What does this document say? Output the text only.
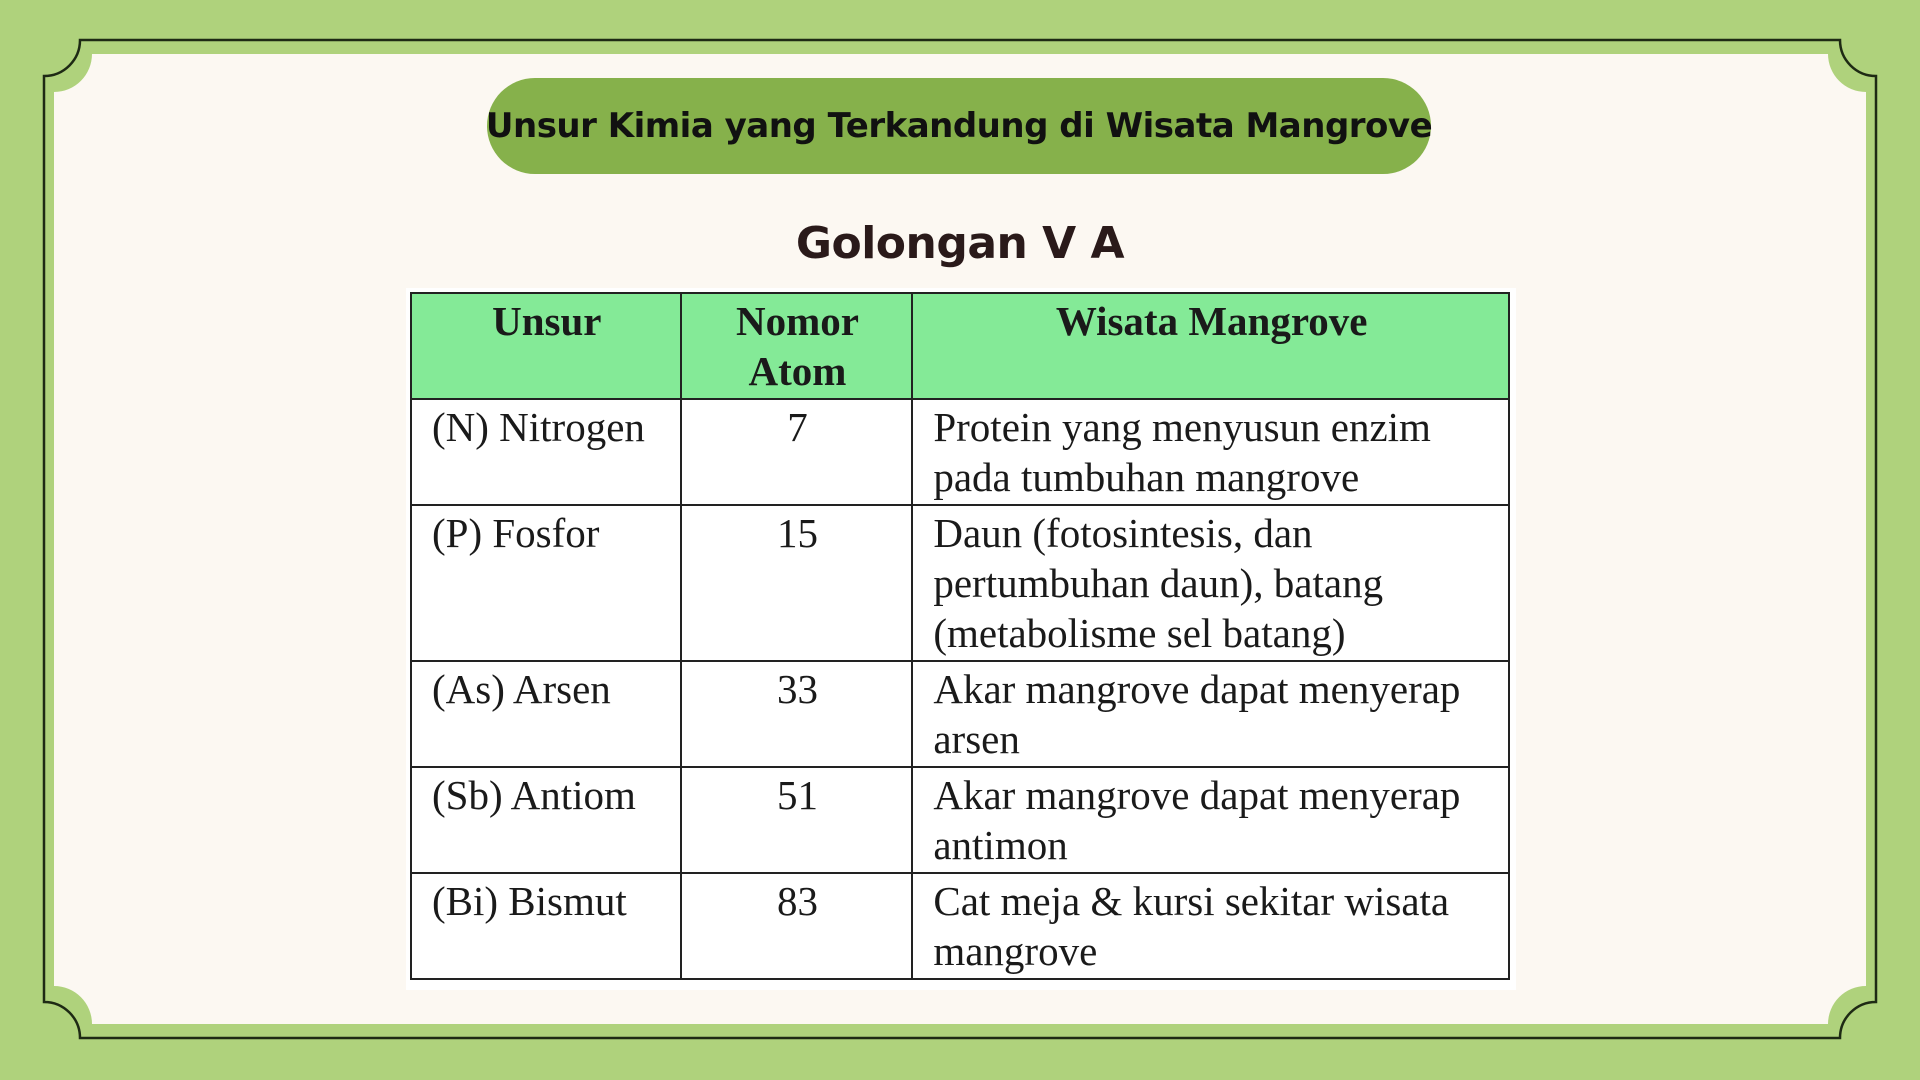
Unsur Kimia yang Terkandung di Wisata Mangrove
Golongan V A
Unsur	Nomor Atom	Wisata Mangrove
(N) Nitrogen	7	Protein yang menyusun enzim pada tumbuhan mangrove
(P) Fosfor	15	Daun (fotosintesis, dan pertumbuhan daun), batang (metabolisme sel batang)
(As) Arsen	33	Akar mangrove dapat menyerap arsen
(Sb) Antiom	51	Akar mangrove dapat menyerap antimon
(Bi) Bismut	83	Cat meja & kursi sekitar wisata mangrove
